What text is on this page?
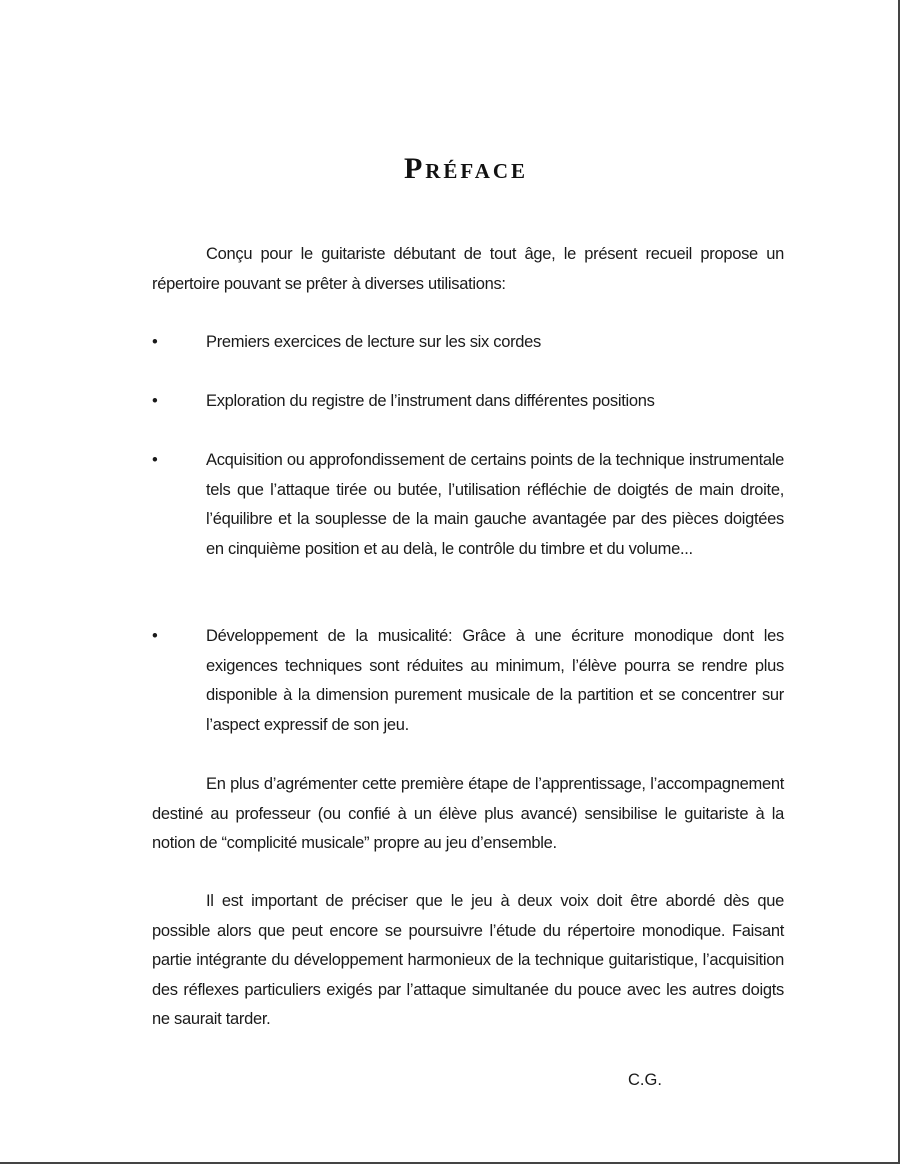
Préface
Conçu pour le guitariste débutant de tout âge, le présent recueil propose un répertoire pouvant se prêter à diverses utilisations:
•	Premiers exercices de lecture sur les six cordes
•	Exploration du registre de l’instrument dans différentes positions
•	Acquisition ou approfondissement de certains points de la technique instrumentale tels que l’attaque tirée ou butée, l’utilisation réfléchie de doigtés de main droite, l’équilibre et la souplesse de la main gauche avantagée par des pièces doigtées en cinquième position et au delà, le contrôle du timbre et du volume...
•	Développement de la musicalité: Grâce à une écriture monodique dont les exigences techniques sont réduites au minimum, l’élève pourra se rendre plus disponible à la dimension purement musicale de la partition et se concentrer sur l’aspect expressif de son jeu.
En plus d’agrémenter cette première étape de l’apprentissage, l’accompagnement destiné au professeur (ou confié à un élève plus avancé) sensibilise le guitariste à la notion de “complicité musicale” propre au jeu d’ensemble.
Il est important de préciser que le jeu à deux voix doit être abordé dès que possible alors que peut encore se poursuivre l’étude du répertoire monodique. Faisant partie intégrante du développement harmonieux de la technique guitaristique, l’acquisition des réflexes particuliers exigés par l’attaque simultanée du pouce avec les autres doigts ne saurait tarder.
C.G.
